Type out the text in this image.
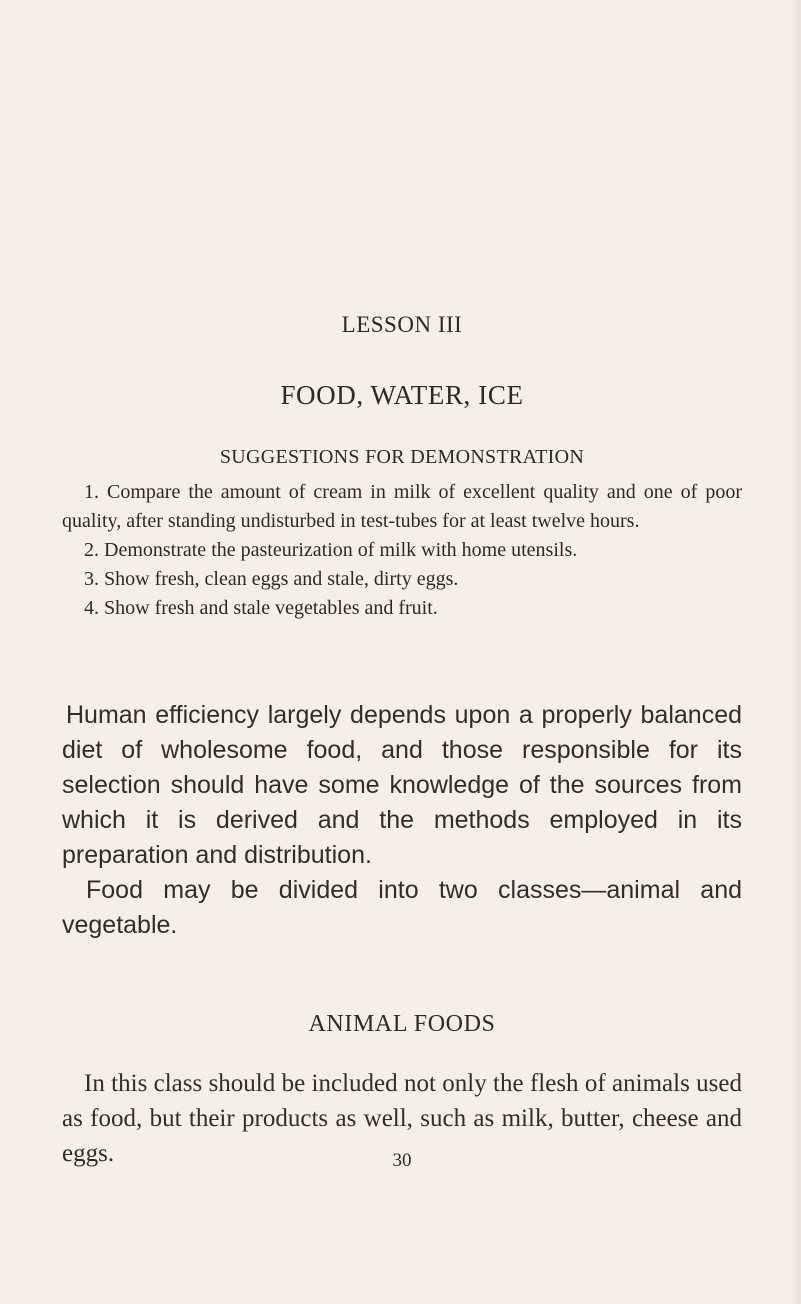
LESSON III
FOOD, WATER, ICE
SUGGESTIONS FOR DEMONSTRATION

1. Compare the amount of cream in milk of excellent quality and one of poor quality, after standing undisturbed in test-tubes for at least twelve hours.

2. Demonstrate the pasteurization of milk with home utensils.

3. Show fresh, clean eggs and stale, dirty eggs.

4. Show fresh and stale vegetables and fruit.

Human efficiency largely depends upon a properly balanced diet of wholesome food, and those responsible for its selection should have some knowledge of the sources from which it is derived and the methods employed in its preparation and distribution.

Food may be divided into two classes—animal and vegetable.

ANIMAL FOODS

In this class should be included not only the flesh of animals used as food, but their products as well, such as milk, butter, cheese and eggs.	30
